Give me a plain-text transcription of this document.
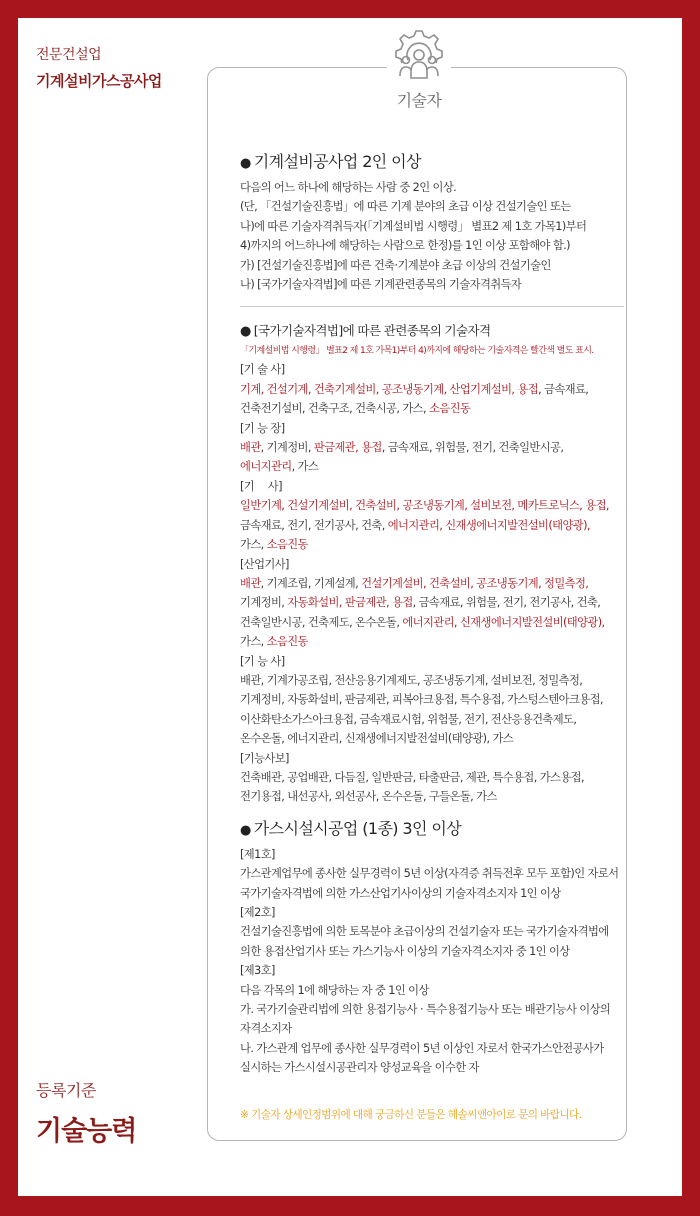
전문건설업
기계설비가스공사업
등록기준
기술능력
기술자
● 기계설비공사업 2인 이상
다음의 어느 하나에 해당하는 사람 중 2인 이상.
(단, 「건설기술진흥법」에 따른 기계 분야의 초급 이상 건설기술인 또는
나)에 따른 기술자격취득자(「기계설비법 시행령」 별표2 제 1호 가목1)부터
4)까지의 어느하나에 해당하는 사람으로 한정)를 1인 이상 포함해야 함.)
가) [건설기술진흥법]에 따른 건축·기계분야 초급 이상의 건설기술인
나) [국가기술자격법]에 따른 기계관련종목의 기술자격취득자
● [국가기술자격법]에 따른 관련종목의 기술자격
「기계설비법 시행령」 별표2 제 1호 가목1)부터 4)까지에 해당하는 기술자격은 빨간색 별도 표시.
[기 술 사]
기계, 건설기계, 건축기계설비, 공조냉동기계, 산업기계설비, 용접, 금속재료,
건축전기설비, 건축구조, 건축시공, 가스, 소음진동
[기 능 장]
배관, 기계정비, 판금제관, 용접, 금속재료, 위험물, 전기, 건축일반시공,
에너지관리, 가스
[기　 사]
일반기계, 건설기계설비, 건축설비, 공조냉동기계, 설비보전, 메카트로닉스, 용접,
금속재료, 전기, 전기공사, 건축, 에너지관리, 신재생에너지발전설비(태양광),
가스, 소음진동
[산업기사]
배관, 기계조립, 기계설계, 건설기계설비, 건축설비, 공조냉동기계, 정밀측정,
기계정비, 자동화설비, 판금제관, 용접, 금속재료, 위험물, 전기, 전기공사, 건축,
건축일반시공, 건축제도, 온수온돌, 에너지관리, 신재생에너지발전설비(태양광),
가스, 소음진동
[기 능 사]
배관, 기계가공조립, 전산응용기계제도, 공조냉동기계, 설비보전, 정밀측정,
기계정비, 자동화설비, 판금제관, 피복아크용접, 특수용접, 가스텅스텐아크용접,
이산화탄소가스아크용접, 금속재료시험, 위험물, 전기, 전산응용건축제도,
온수온돌, 에너지관리, 신재생에너지발전설비(태양광), 가스
[기능사보]
건축배관, 공업배관, 다듬질, 일반판금, 타출판금, 제관, 특수용접, 가스용접,
전기용접, 내선공사, 외선공사, 온수온돌, 구들온돌, 가스
● 가스시설시공업 (1종) 3인 이상
[제1호]
가스관계업무에 종사한 실무경력이 5년 이상(자격증 취득전후 모두 포함)인 자로서
국가기술자격법에 의한 가스산업기사이상의 기술자격소지자 1인 이상
[제2호]
건설기술진흥법에 의한 토목분야 초급이상의 건설기술자 또는 국가기술자격법에
의한 용접산업기사 또는 가스기능사 이상의 기술자격소지자 중 1인 이상
[제3호]
다음 각목의 1에 해당하는 자 중 1인 이상
가. 국가기술관리법에 의한 용접기능사 · 특수용접기능사 또는 배관기능사 이상의
자격소지자
나. 가스관계 업무에 종사한 실무경력이 5년 이상인 자로서 한국가스안전공사가
실시하는 가스시설시공관리자 양성교육을 이수한 자
※ 기술자 상세인정범위에 대해 궁금하신 분들은 해솔씨앤아이로 문의 바랍니다.
